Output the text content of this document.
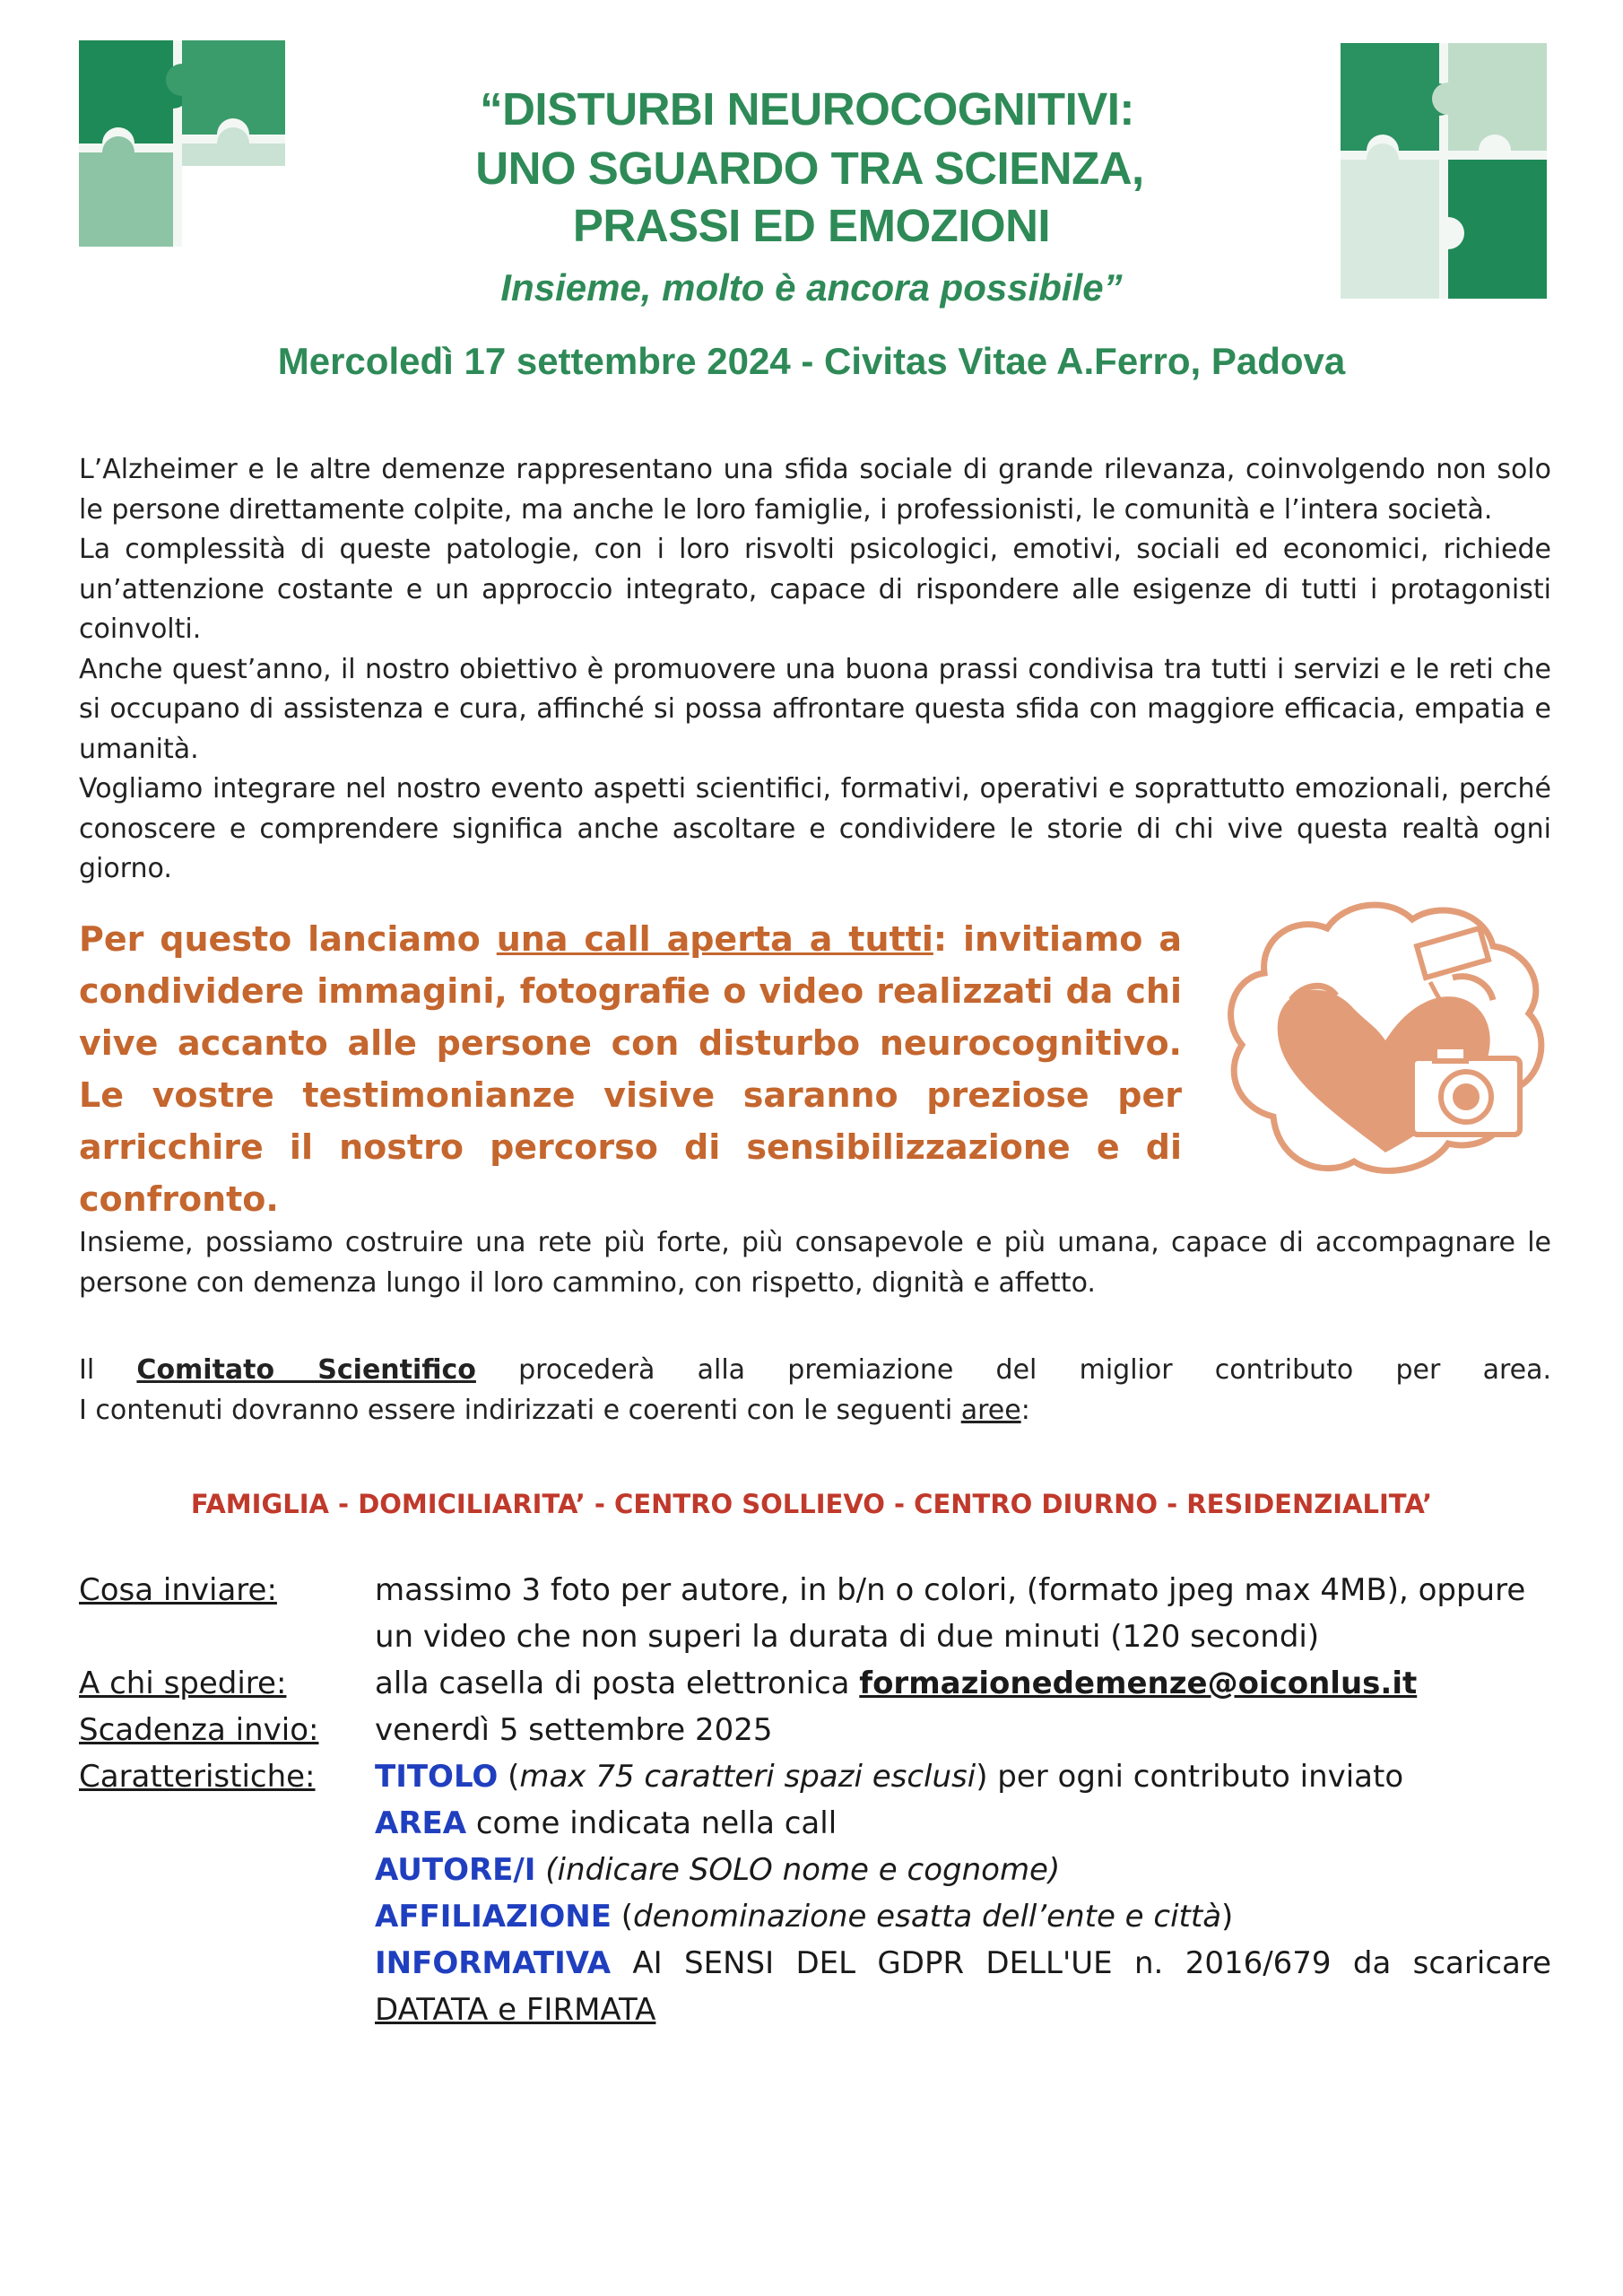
“DISTURBI NEUROCOGNITIVI:
UNO SGUARDO TRA SCIENZA,
PRASSI ED EMOZIONI
Insieme, molto è ancora possibile”
Mercoledì 17 settembre 2024 - Civitas Vitae A.Ferro, Padova

L’Alzheimer e le altre demenze rappresentano una sfida sociale di grande rilevanza, coinvolgendo non solo le persone direttamente colpite, ma anche le loro famiglie, i professionisti, le comunità e l’intera società.

La complessità di queste patologie, con i loro risvolti psicologici, emotivi, sociali ed economici, richiede un’attenzione costante e un approccio integrato, capace di rispondere alle esigenze di tutti i protagonisti coinvolti.

Anche quest’anno, il nostro obiettivo è promuovere una buona prassi condivisa tra tutti i servizi e le reti che si occupano di assistenza e cura, affinché si possa affrontare questa sfida con maggiore efficacia, empatia e umanità.

Vogliamo integrare nel nostro evento aspetti scientifici, formativi, operativi e soprattutto emozionali, perché conoscere e comprendere significa anche ascoltare e condividere le storie di chi vive questa realtà ogni giorno.

Per questo lanciamo una call aperta a tutti: invitiamo a condividere immagini, fotografie o video realizzati da chi vive accanto alle persone con disturbo neurocognitivo. Le vostre testimonianze visive saranno preziose per arricchire il nostro percorso di sensibilizzazione e di confronto.

Insieme, possiamo costruire una rete più forte, più consapevole e più umana, capace di accompagnare le persone con demenza lungo il loro cammino, con rispetto, dignità e affetto.

Il Comitato Scientifico procederà alla premiazione del miglior contributo per area.

I contenuti dovranno essere indirizzati e coerenti con le seguenti aree:

FAMIGLIA - DOMICILIARITA’ - CENTRO SOLLIEVO - CENTRO DIURNO - RESIDENZIALITA’
Cosa inviare:	massimo 3 foto per autore, in b/n o colori, (formato jpeg max 4MB), oppure un video che non superi la durata di due minuti (120 secondi)
A chi spedire:	alla casella di posta elettronica formazionedemenze@oiconlus.it
Scadenza invio:	venerdì 5 settembre 2025
Caratteristiche:	TITOLO (max 75 caratteri spazi esclusi) per ogni contributo inviato
AREA come indicata nella call
AUTORE/I (indicare SOLO nome e cognome)
AFFILIAZIONE (denominazione esatta dell’ente e città)
INFORMATIVA AI SENSI DEL GDPR DELL'UE n. 2016/679 da scaricare
DATATA e FIRMATA
